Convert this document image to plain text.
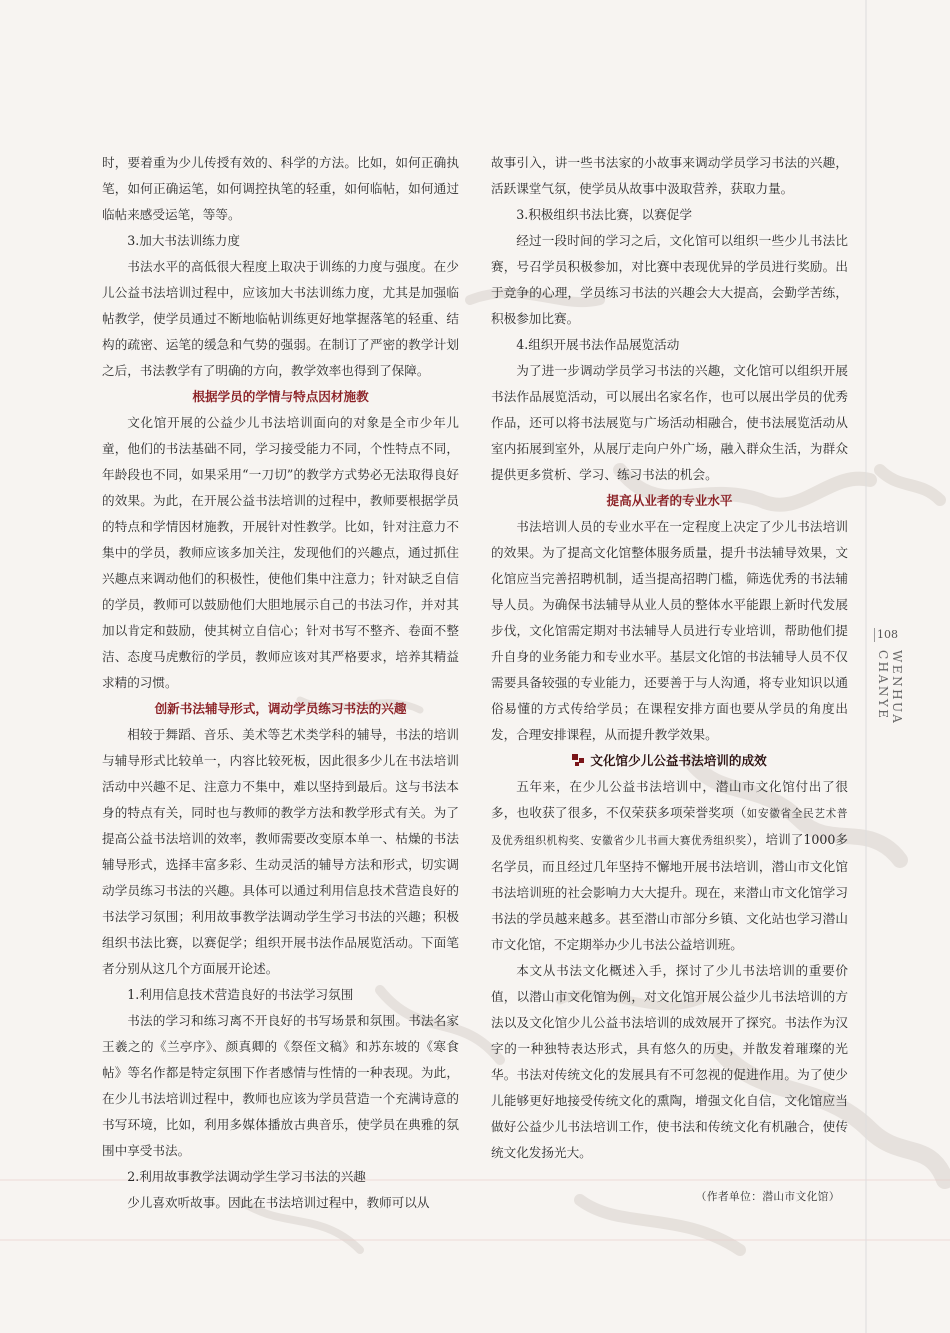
时，要着重为少儿传授有效的、科学的方法。比如，如何正确执笔，如何正确运笔，如何调控执笔的轻重，如何临帖，如何通过临帖来感受运笔，等等。

3.加大书法训练力度

书法水平的高低很大程度上取决于训练的力度与强度。在少儿公益书法培训过程中，应该加大书法训练力度，尤其是加强临帖教学，使学员通过不断地临帖训练更好地掌握落笔的轻重、结构的疏密、运笔的缓急和气势的强弱。在制订了严密的教学计划之后，书法教学有了明确的方向，教学效率也得到了保障。

根据学员的学情与特点因材施教

文化馆开展的公益少儿书法培训面向的对象是全市少年儿童，他们的书法基础不同，学习接受能力不同，个性特点不同，年龄段也不同，如果采用“一刀切”的教学方式势必无法取得良好的效果。为此，在开展公益书法培训的过程中，教师要根据学员的特点和学情因材施教，开展针对性教学。比如，针对注意力不集中的学员，教师应该多加关注，发现他们的兴趣点，通过抓住兴趣点来调动他们的积极性，使他们集中注意力；针对缺乏自信的学员，教师可以鼓励他们大胆地展示自己的书法习作，并对其加以肯定和鼓励，使其树立自信心；针对书写不整齐、卷面不整洁、态度马虎敷衍的学员，教师应该对其严格要求，培养其精益求精的习惯。

创新书法辅导形式，调动学员练习书法的兴趣

相较于舞蹈、音乐、美术等艺术类学科的辅导，书法的培训与辅导形式比较单一，内容比较死板，因此很多少儿在书法培训活动中兴趣不足、注意力不集中，难以坚持到最后。这与书法本身的特点有关，同时也与教师的教学方法和教学形式有关。为了提高公益书法培训的效率，教师需要改变原本单一、枯燥的书法辅导形式，选择丰富多彩、生动灵活的辅导方法和形式，切实调动学员练习书法的兴趣。具体可以通过利用信息技术营造良好的书法学习氛围；利用故事教学法调动学生学习书法的兴趣；积极组织书法比赛，以赛促学；组织开展书法作品展览活动。下面笔者分别从这几个方面展开论述。

1.利用信息技术营造良好的书法学习氛围

书法的学习和练习离不开良好的书写场景和氛围。书法名家王羲之的《兰亭序》、颜真卿的《祭侄文稿》和苏东坡的《寒食帖》等名作都是特定氛围下作者感情与性情的一种表现。为此，在少儿书法培训过程中，教师也应该为学员营造一个充满诗意的书写环境，比如，利用多媒体播放古典音乐，使学员在典雅的氛围中享受书法。

2.利用故事教学法调动学生学习书法的兴趣

少儿喜欢听故事。因此在书法培训过程中，教师可以从

故事引入，讲一些书法家的小故事来调动学员学习书法的兴趣，活跃课堂气氛，使学员从故事中汲取营养，获取力量。

3.积极组织书法比赛，以赛促学

经过一段时间的学习之后，文化馆可以组织一些少儿书法比赛，号召学员积极参加，对比赛中表现优异的学员进行奖励。出于竞争的心理，学员练习书法的兴趣会大大提高，会勤学苦练，积极参加比赛。

4.组织开展书法作品展览活动

为了进一步调动学员学习书法的兴趣，文化馆可以组织开展书法作品展览活动，可以展出名家名作，也可以展出学员的优秀作品，还可以将书法展览与广场活动相融合，使书法展览活动从室内拓展到室外，从展厅走向户外广场，融入群众生活，为群众提供更多赏析、学习、练习书法的机会。

提高从业者的专业水平

书法培训人员的专业水平在一定程度上决定了少儿书法培训的效果。为了提高文化馆整体服务质量，提升书法辅导效果，文化馆应当完善招聘机制，适当提高招聘门槛，筛选优秀的书法辅导人员。为确保书法辅导从业人员的整体水平能跟上新时代发展步伐，文化馆需定期对书法辅导人员进行专业培训，帮助他们提升自身的业务能力和专业水平。基层文化馆的书法辅导人员不仅需要具备较强的专业能力，还要善于与人沟通，将专业知识以通俗易懂的方式传给学员；在课程安排方面也要从学员的角度出发，合理安排课程，从而提升教学效果。

文化馆少儿公益书法培训的成效

五年来，在少儿公益书法培训中，潜山市文化馆付出了很多，也收获了很多，不仅荣获多项荣誉奖项（如安徽省全民艺术普及优秀组织机构奖、安徽省少儿书画大赛优秀组织奖），培训了1000多名学员，而且经过几年坚持不懈地开展书法培训，潜山市文化馆书法培训班的社会影响力大大提升。现在，来潜山市文化馆学习书法的学员越来越多。甚至潜山市部分乡镇、文化站也学习潜山市文化馆，不定期举办少儿书法公益培训班。

本文从书法文化概述入手，探讨了少儿书法培训的重要价值，以潜山市文化馆为例，对文化馆开展公益少儿书法培训的方法以及文化馆少儿公益书法培训的成效展开了探究。书法作为汉字的一种独特表达形式，具有悠久的历史，并散发着璀璨的光华。书法对传统文化的发展具有不可忽视的促进作用。为了使少儿能够更好地接受传统文化的熏陶，增强文化自信，文化馆应当做好公益少儿书法培训工作，使书法和传统文化有机融合，使传统文化发扬光大。

（作者单位：潜山市文化馆）

108
WENHUA CHANYE
